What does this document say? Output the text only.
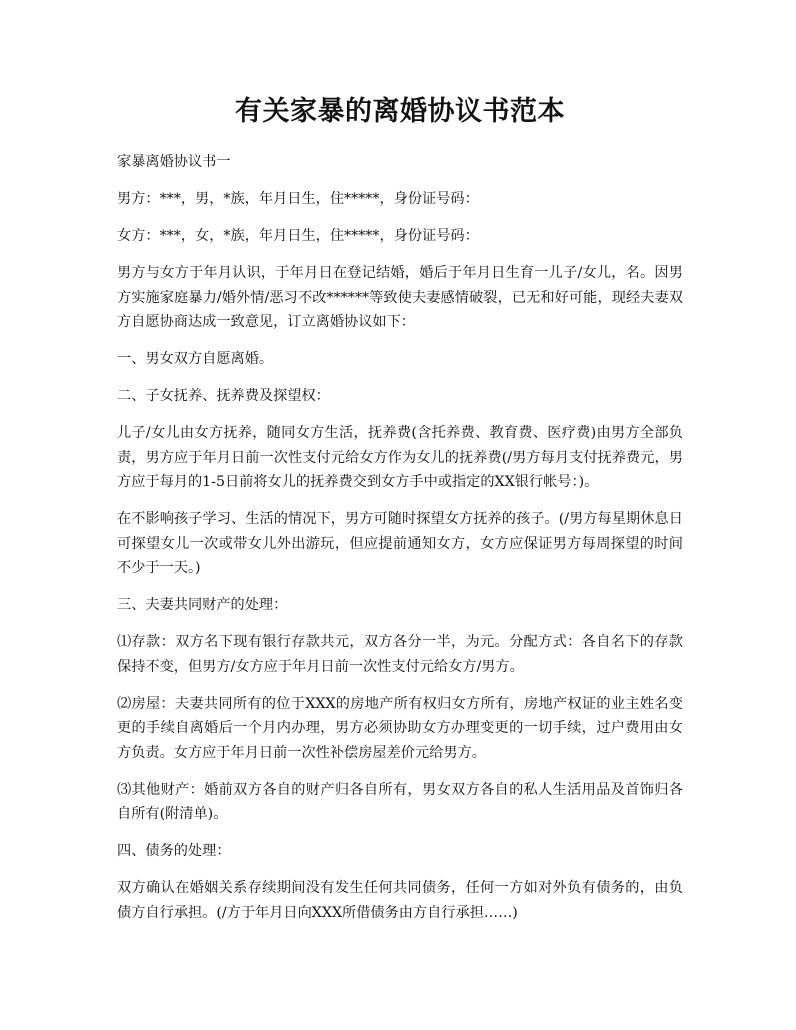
有关家暴的离婚协议书范本

家暴离婚协议书一

男方：***，男，*族，年月日生，住*****，身份证号码：

女方：***，女，*族，年月日生，住*****，身份证号码：

男方与女方于年月认识，于年月日在登记结婚，婚后于年月日生育一儿子/女儿，名。因男方实施家庭暴力/婚外情/恶习不改******等致使夫妻感情破裂，已无和好可能，现经夫妻双方自愿协商达成一致意见，订立离婚协议如下：

一、男女双方自愿离婚。

二、子女抚养、抚养费及探望权：

儿子/女儿由女方抚养，随同女方生活，抚养费(含托养费、教育费、医疗费)由男方全部负责，男方应于年月日前一次性支付元给女方作为女儿的抚养费(/男方每月支付抚养费元，男方应于每月的1-5日前将女儿的抚养费交到女方手中或指定的XX银行帐号：)。

在不影响孩子学习、生活的情况下，男方可随时探望女方抚养的孩子。(/男方每星期休息日可探望女儿一次或带女儿外出游玩，但应提前通知女方，女方应保证男方每周探望的时间不少于一天。)

三、夫妻共同财产的处理：

⑴存款：双方名下现有银行存款共元，双方各分一半，为元。分配方式：各自名下的存款保持不变，但男方/女方应于年月日前一次性支付元给女方/男方。

⑵房屋：夫妻共同所有的位于XXX的房地产所有权归女方所有，房地产权证的业主姓名变更的手续自离婚后一个月内办理，男方必须协助女方办理变更的一切手续，过户费用由女方负责。女方应于年月日前一次性补偿房屋差价元给男方。

⑶其他财产：婚前双方各自的财产归各自所有，男女双方各自的私人生活用品及首饰归各自所有(附清单)。

四、债务的处理：

双方确认在婚姻关系存续期间没有发生任何共同债务，任何一方如对外负有债务的，由负债方自行承担。(/方于年月日向XXX所借债务由方自行承担……)
